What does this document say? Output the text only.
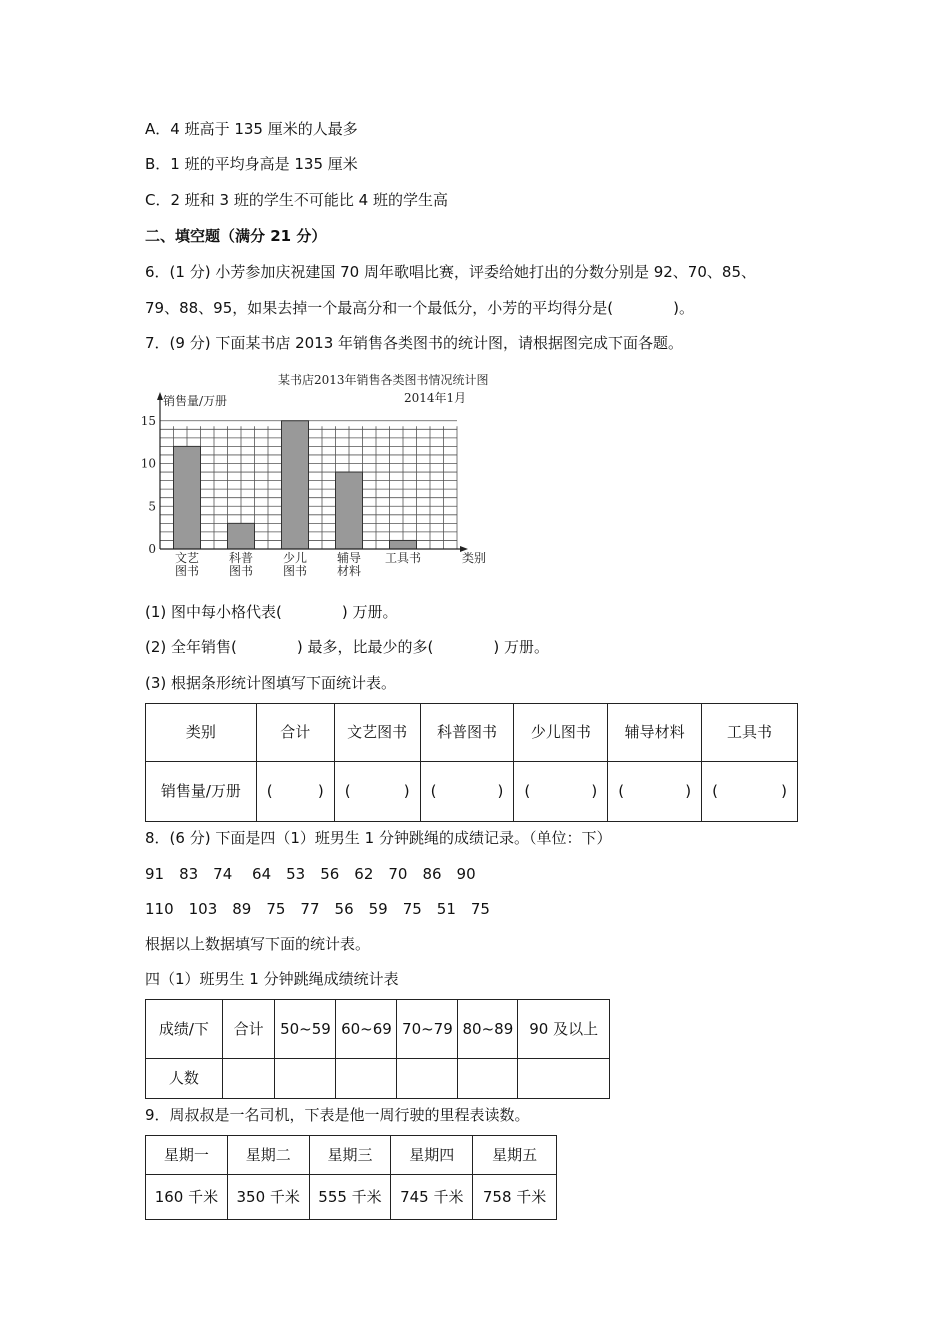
A．4 班高于 135 厘米的人最多
B．1 班的平均身高是 135 厘米
C．2 班和 3 班的学生不可能比 4 班的学生高
二、填空题（满分 21 分）
6．(1 分) 小芳参加庆祝建国 70 周年歌唱比赛，评委给她打出的分数分别是 92、70、85、
79、88、95，如果去掉一个最高分和一个最低分，小芳的平均得分是(　　　　)。
7．(9 分) 下面某书店 2013 年销售各类图书的统计图，请根据图完成下面各题。
某书店2013年销售各类图书情况统计图
2014年1月
销售量/万册
类别
文艺
图书
科普
图书
少儿
图书
辅导
材料
工具书
0
5
10
15
(1) 图中每小格代表(　　　　) 万册。
(2) 全年销售(　　　　) 最多，比最少的多(　　　　) 万册。
(3) 根据条形统计图填写下面统计表。
类别	合计	文艺图书	科普图书	少儿图书	辅导材料	工具书
销售量/万册	( )	( )	( )	( )	( )	( )
8．(6 分) 下面是四（1）班男生 1 分钟跳绳的成绩记录。（单位：下）
91　83　74　 64　53　56　62　70　86　90
110　103　89　75　77　56　59　75　51　75
根据以上数据填写下面的统计表。
四（1）班男生 1 分钟跳绳成绩统计表
成绩/下	合计	50~59	60~69	70~79	80~89	90 及以上
人数						
9．周叔叔是一名司机，下表是他一周行驶的里程表读数。
星期一	星期二	星期三	星期四	星期五
160 千米	350 千米	555 千米	745 千米	758 千米
